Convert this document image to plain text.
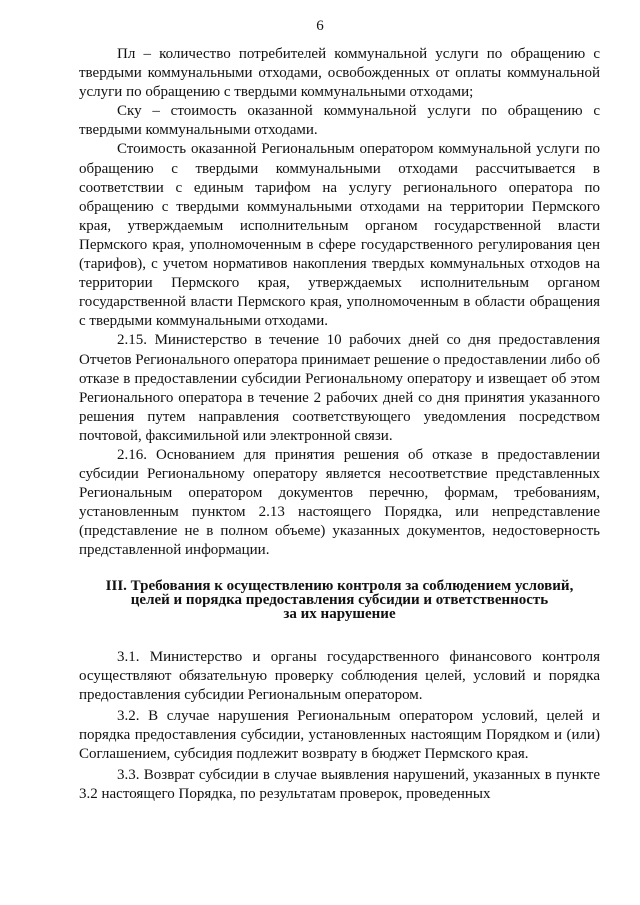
6

Пл – количество потребителей коммунальной услуги по обращению с твердыми коммунальными отходами, освобожденных от оплаты коммунальной услуги по обращению с твердыми коммунальными отходами;

Ску – стоимость оказанной коммунальной услуги по обращению с твердыми коммунальными отходами.

Стоимость оказанной Региональным оператором коммунальной услуги по обращению с твердыми коммунальными отходами рассчитывается в соответствии с единым тарифом на услугу регионального оператора по обращению с твердыми коммунальными отходами на территории Пермского края, утверждаемым исполнительным органом государственной власти Пермского края, уполномоченным в сфере государственного регулирования цен (тарифов), с учетом нормативов накопления твердых коммунальных отходов на территории Пермского края, утверждаемых исполнительным органом государственной власти Пермского края, уполномоченным в области обращения с твердыми коммунальными отходами.

2.15. Министерство в течение 10 рабочих дней со дня предоставления Отчетов Регионального оператора принимает решение о предоставлении либо об отказе в предоставлении субсидии Региональному оператору и извещает об этом Регионального оператора в течение 2 рабочих дней со дня принятия указанного решения путем направления соответствующего уведомления посредством почтовой, факсимильной или электронной связи.

2.16. Основанием для принятия решения об отказе в предоставлении субсидии Региональному оператору является несоответствие представленных Региональным оператором документов перечню, формам, требованиям, установленным пунктом 2.13 настоящего Порядка, или непредставление (представление не в полном объеме) указанных документов, недостоверность представленной информации.

III. Требования к осуществлению контроля за соблюдением условий,
целей и порядка предоставления субсидии и ответственность
за их нарушение

3.1. Министерство и органы государственного финансового контроля осуществляют обязательную проверку соблюдения целей, условий и порядка предоставления субсидии Региональным оператором.

3.2. В случае нарушения Региональным оператором условий, целей и порядка предоставления субсидии, установленных настоящим Порядком и (или) Соглашением, субсидия подлежит возврату в бюджет Пермского края.

3.3. Возврат субсидии в случае выявления нарушений, указанных в пункте 3.2 настоящего Порядка, по результатам проверок, проведенных
